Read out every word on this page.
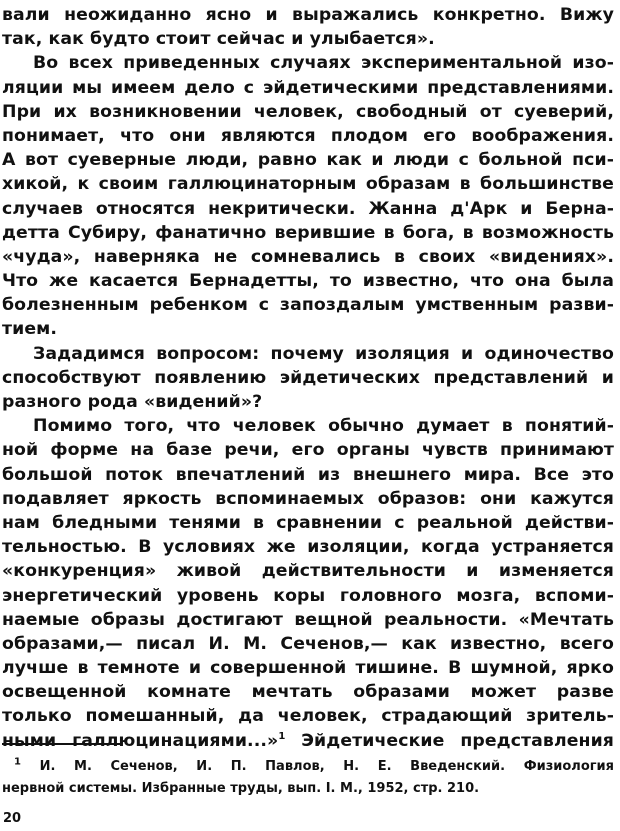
вали неожиданно ясно и выражались конкретно. Вижу
так, как будто стоит сейчас и улыбается».
Во всех приведенных случаях экспериментальной изо-
ляции мы имеем дело с эйдетическими представлениями.
При их возникновении человек, свободный от суеверий,
понимает, что они являются плодом его воображения.
А вот суеверные люди, равно как и люди с больной пси-
хикой, к своим галлюцинаторным образам в большинстве
случаев относятся некритически. Жанна д'Арк и Берна-
детта Субиру, фанатично верившие в бога, в возможность
«чуда», наверняка не сомневались в своих «видениях».
Что же касается Бернадетты, то известно, что она была
болезненным ребенком с запоздалым умственным разви-
тием.
Зададимся вопросом: почему изоляция и одиночество
способствуют появлению эйдетических представлений и
разного рода «видений»?
Помимо того, что человек обычно думает в понятий-
ной форме на базе речи, его органы чувств принимают
большой поток впечатлений из внешнего мира. Все это
подавляет яркость вспоминаемых образов: они кажутся
нам бледными тенями в сравнении с реальной действи-
тельностью. В условиях же изоляции, когда устраняется
«конкуренция» живой действительности и изменяется
энергетический уровень коры головного мозга, вспоми-
наемые образы достигают вещной реальности. «Мечтать
образами,— писал И. М. Сеченов,— как известно, всего
лучше в темноте и совершенной тишине. В шумной, ярко
освещенной комнате мечтать образами может разве
только помешанный, да человек, страдающий зритель-
ными галлюцинациями...»$^1$ Эйдетические представления
$^1$ И. М. Сеченов, И. П. Павлов, Н. Е. Введенский. Физиология
нервной системы. Избранные труды, вып. I. М., 1952, стр. 210.
20
